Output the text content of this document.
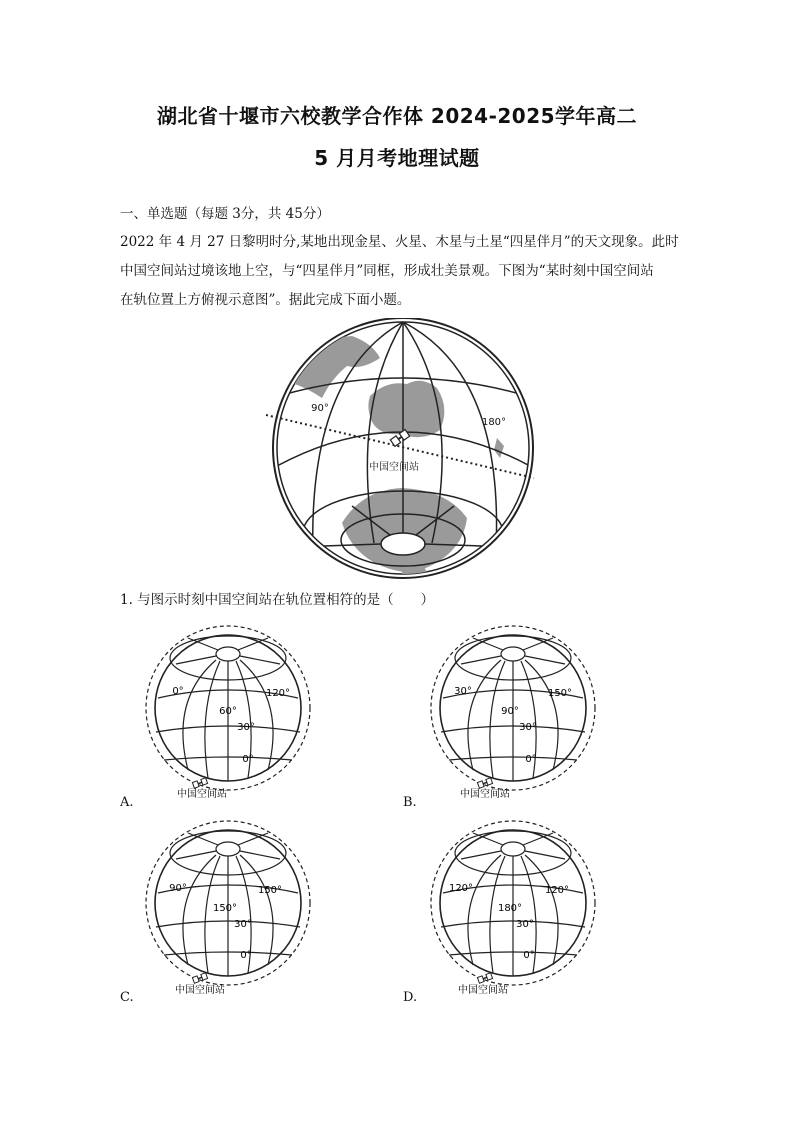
湖北省十堰市六校教学合作体 2024-2025学年高二
5 月月考地理试题
一、单选题（每题 3分，共 45分）
2022 年 4 月 27 日黎明时分,某地出现金星、火星、木星与土星“四星伴月”的天文现象。此时
中国空间站过境该地上空，与“四星伴月”同框，形成壮美景观。下图为“某时刻中国空间站
在轨位置上方俯视示意图”。据此完成下面小题。
中国空间站
90°
180°
1. 与图示时刻中国空间站在轨位置相符的是（　　）
0°
60°
120°
30°
0°
中国空间站
A.
30°
90°
150°
30°
0°
中国空间站
B.
90°
150°
150°
30°
0°
中国空间站
C.
120°
180°
120°
30°
0°
中国空间站
D.
